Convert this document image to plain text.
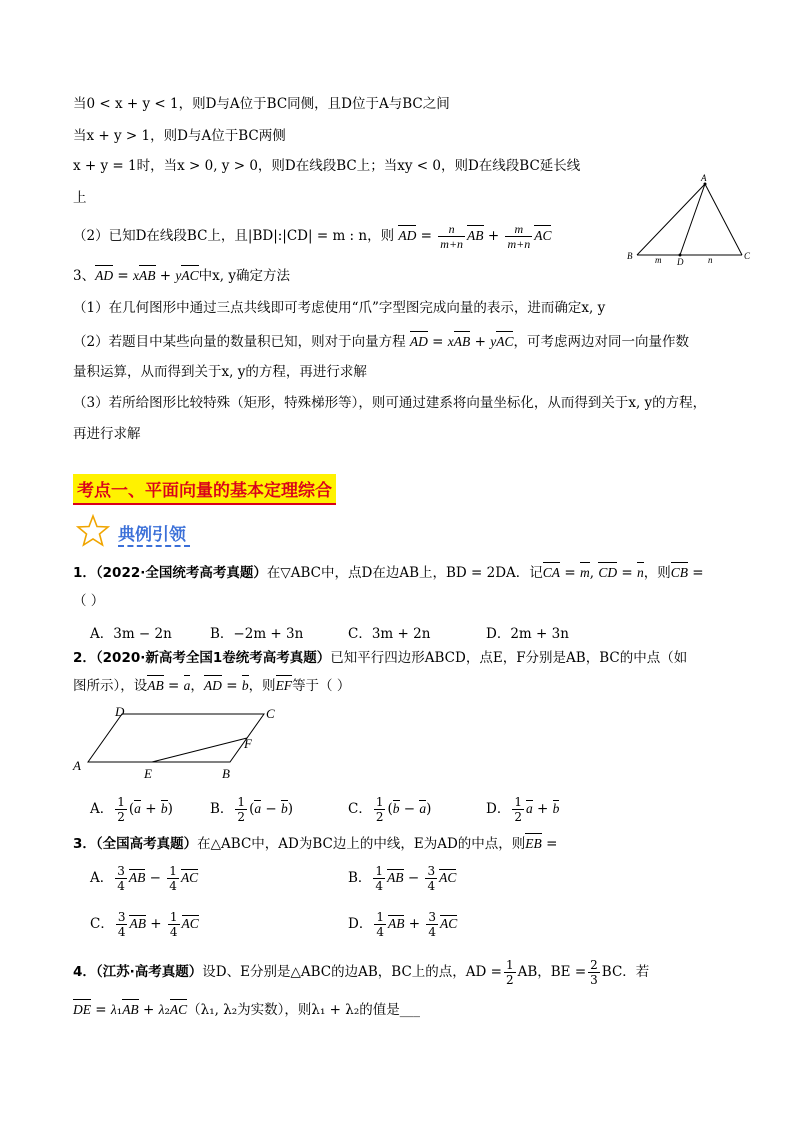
当0 < x + y < 1，则D与A位于BC同侧，且D位于A与BC之间
当x + y > 1，则D与A位于BC两侧
x + y = 1时，当x > 0, y > 0，则D在线段BC上；当xy < 0，则D在线段BC延长线
上
（2）已知D在线段BC上，且|BD|:|CD| = m : n，则 AD = $\frac{n}{m+n}$ AB + $\frac{m}{m+n}$ AC
3、AD = xAB + yAC中x, y确定方法
（1）在几何图形中通过三点共线即可考虑使用“爪”字型图完成向量的表示，进而确定x, y
（2）若题目中某些向量的数量积已知，则对于向量方程 AD = xAB + yAC，可考虑两边对同一向量作数
量积运算，从而得到关于x, y的方程，再进行求解
（3）若所给图形比较特殊（矩形，特殊梯形等），则可通过建系将向量坐标化，从而得到关于x, y的方程，
再进行求解
A
B	C
D
m	n
考点一、平面向量的基本定理综合
典例引领
1．（2022·全国统考高考真题）在▽ABC中，点D在边AB上，BD = 2DA．记CA = m, CD = n，则CB =
（ ）
A．3m − 2n	B．−2m + 3n	C．3m + 2n	D．2m + 3n
2．（2020·新高考全国1卷统考高考真题）已知平行四边形ABCD，点E，F分别是AB，BC的中点（如
图所示），设AB = a，AD = b，则EF等于（ ）
A
B
C
D
E
F
A． $\frac{1}{2} (a + b)$	B． $\frac{1}{2} (a - b)$	C． $\frac{1}{2} (b - a)$	D． $\frac{1}{2}$ a + b
3．（全国高考真题）在△ABC中，AD为BC边上的中线，E为AD的中点，则EB =
A． $\frac{3}{4}$ AB − $\frac{1}{4}$ AC	B． $\frac{1}{4}$ AB − $\frac{3}{4}$ AC
C． $\frac{3}{4}$ AB + $\frac{1}{4}$ AC	D． $\frac{1}{4}$ AB + $\frac{3}{4}$ AC
4．（江苏·高考真题）设D、E分别是△ABC的边AB，BC上的点，AD = $\frac{1}{2}$ AB，BE = $\frac{2}{3}$ BC．若
DE = λ₁AB + λ₂AC（λ₁, λ₂为实数），则λ₁ + λ₂的值是___
